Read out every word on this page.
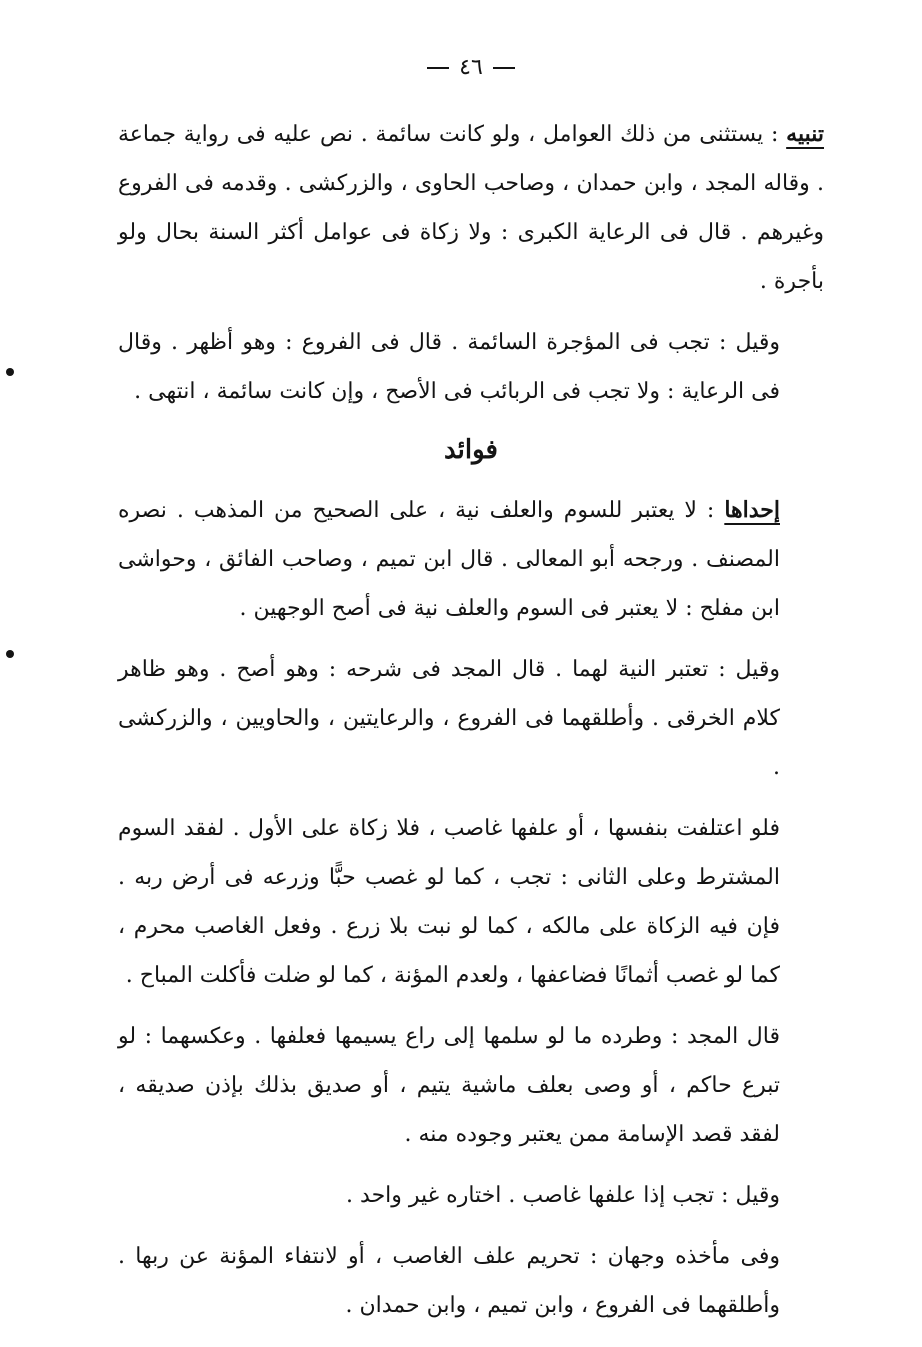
٤٦

تنبيه : يستثنى من ذلك العوامل ، ولو كانت سائمة . نص عليه فى رواية جماعة . وقاله المجد ، وابن حمدان ، وصاحب الحاوى ، والزركشى . وقدمه فى الفروع وغيرهم . قال فى الرعاية الكبرى : ولا زكاة فى عوامل أكثر السنة بحال ولو بأجرة .

وقيل : تجب فى المؤجرة السائمة . قال فى الفروع : وهو أظهر . وقال فى الرعاية : ولا تجب فى الربائب فى الأصح ، وإن كانت سائمة ، انتهى .

فوائد

إحداها : لا يعتبر للسوم والعلف نية ، على الصحيح من المذهب . نصره المصنف . ورجحه أبو المعالى . قال ابن تميم ، وصاحب الفائق ، وحواشى ابن مفلح : لا يعتبر فى السوم والعلف نية فى أصح الوجهين .

وقيل : تعتبر النية لهما . قال المجد فى شرحه : وهو أصح . وهو ظاهر كلام الخرقى . وأطلقهما فى الفروع ، والرعايتين ، والحاويين ، والزركشى .

فلو اعتلفت بنفسها ، أو علفها غاصب ، فلا زكاة على الأول . لفقد السوم المشترط وعلى الثانى : تجب ، كما لو غصب حبًّا وزرعه فى أرض ربه . فإن فيه الزكاة على مالكه ، كما لو نبت بلا زرع . وفعل الغاصب محرم ، كما لو غصب أثمانًا فضاعفها ، ولعدم المؤنة ، كما لو ضلت فأكلت المباح .

قال المجد : وطرده ما لو سلمها إلى راع يسيمها فعلفها . وعكسهما : لو تبرع حاكم ، أو وصى بعلف ماشية يتيم ، أو صديق بذلك بإذن صديقه ، لفقد قصد الإسامة ممن يعتبر وجوده منه .

وقيل : تجب إذا علفها غاصب . اختاره غير واحد .

وفى مأخذه وجهان : تحريم علف الغاصب ، أو لانتفاء المؤنة عن ربها . وأطلقهما فى الفروع ، وابن تميم ، وابن حمدان .
